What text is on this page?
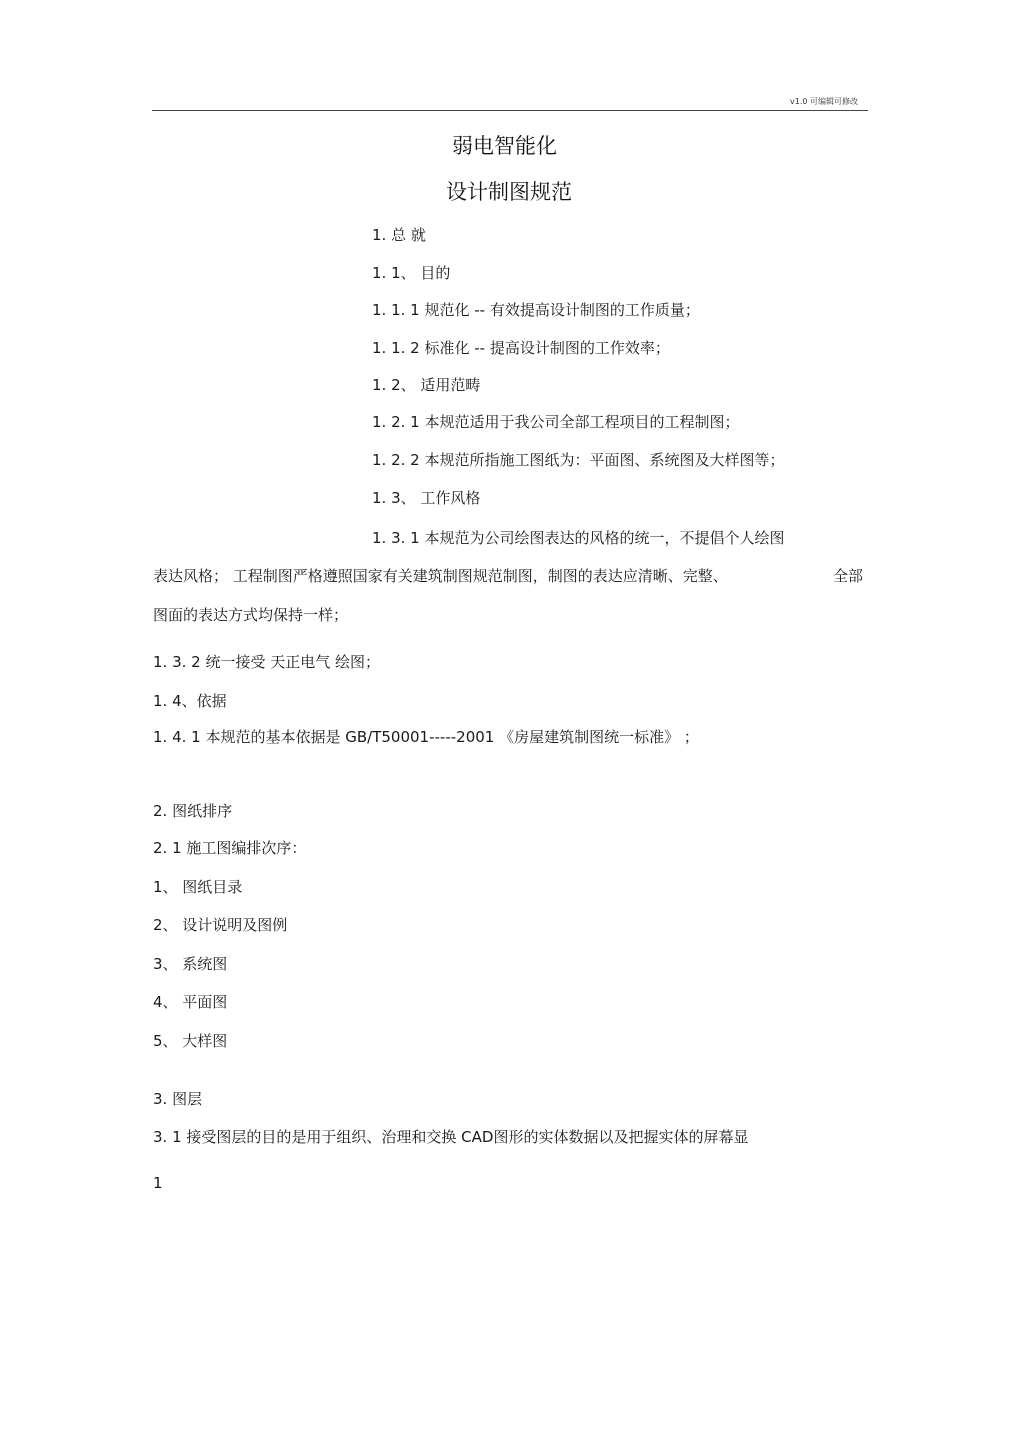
v1.0 可编辑可修改
弱电智能化
设计制图规范
1. 总 就
1. 1、 目的
1. 1. 1 规范化 -- 有效提高设计制图的工作质量；
1. 1. 2 标准化 -- 提高设计制图的工作效率；
1. 2、 适用范畴
1. 2. 1 本规范适用于我公司全部工程项目的工程制图；
1. 2. 2 本规范所指施工图纸为：平面图、系统图及大样图等；
1. 3、 工作风格
1. 3. 1 本规范为公司绘图表达的风格的统一，不提倡个人绘图
表达风格； 工程制图严格遵照国家有关建筑制图规范制图，制图的表达应清晰、完整、	全部
图面的表达方式均保持一样；
1. 3. 2 统一接受 天正电气 绘图；
1. 4、依据
1. 4. 1 本规范的基本依据是 GB/T50001-----2001 《房屋建筑制图统一标准》 ；
2. 图纸排序
2. 1 施工图编排次序：
1、 图纸目录
2、 设计说明及图例
3、 系统图
4、 平面图
5、 大样图
3. 图层
3. 1 接受图层的目的是用于组织、治理和交换 CAD图形的实体数据以及把握实体的屏幕显
1
